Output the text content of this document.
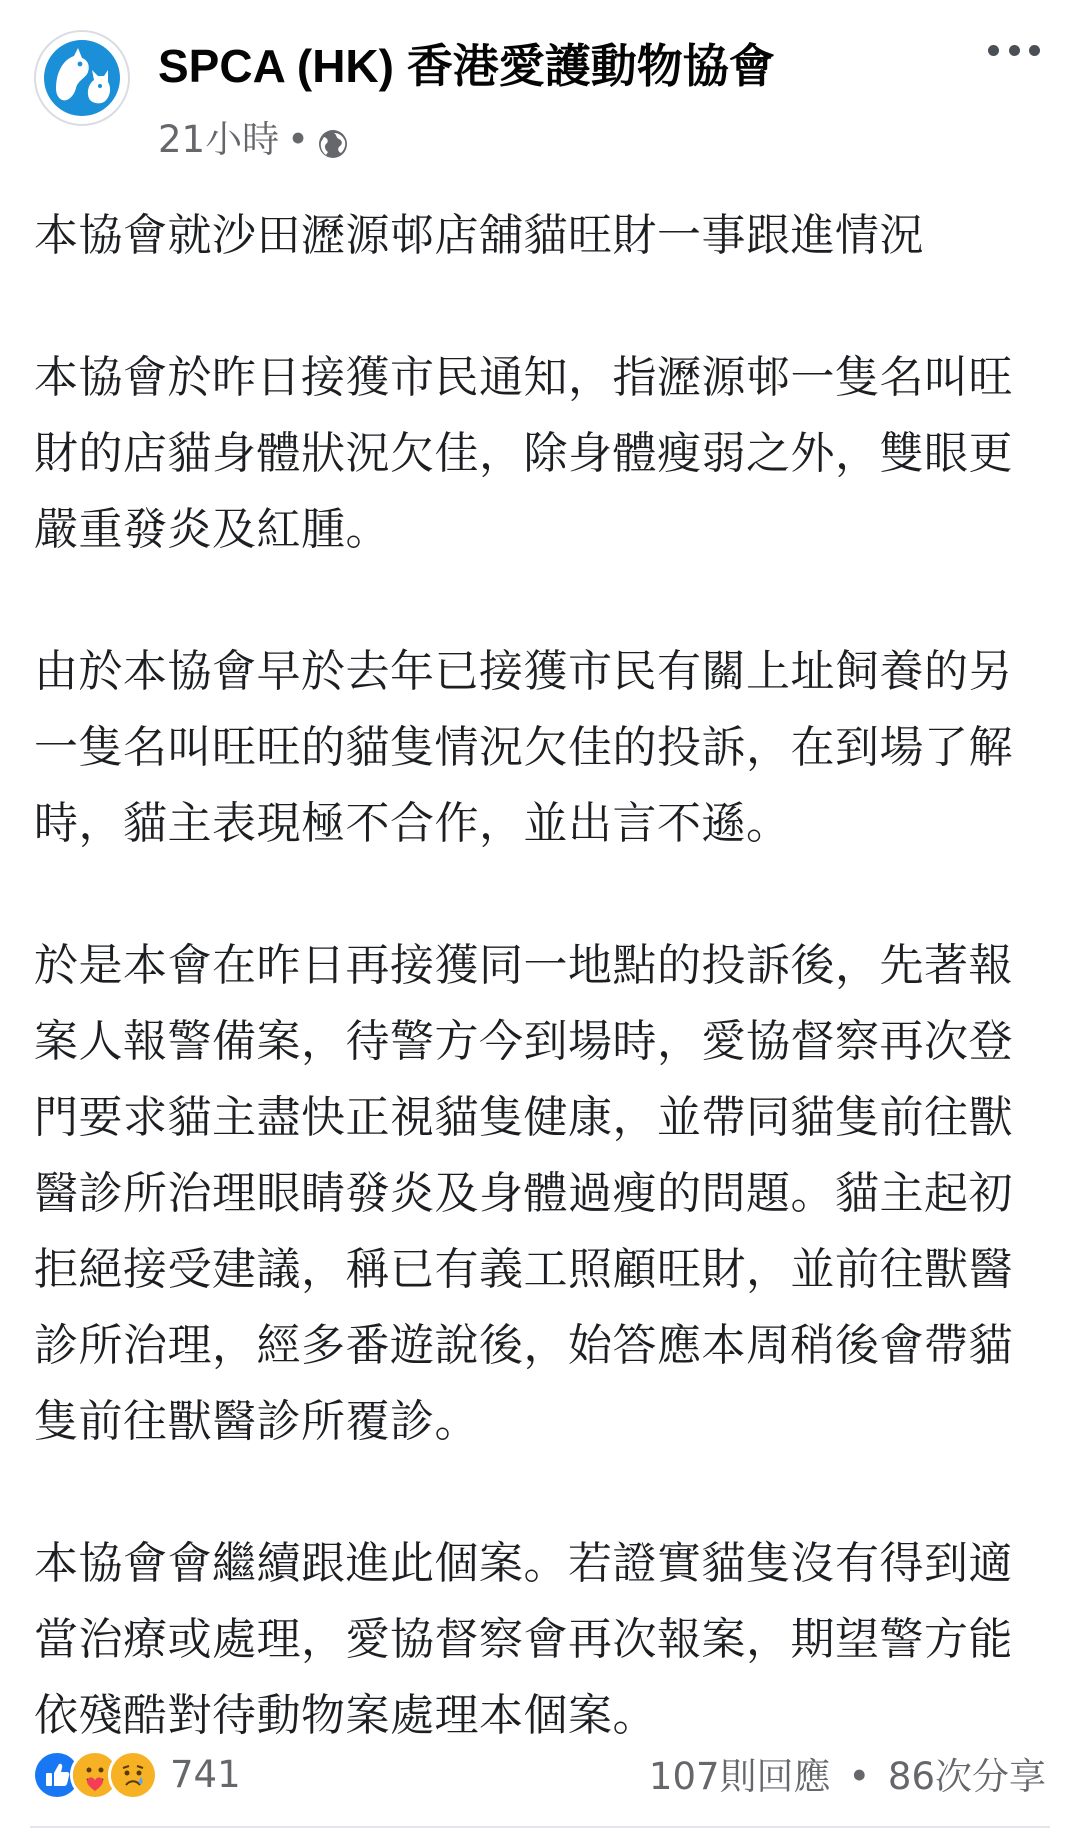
SPCA (HK) 香港愛護動物協會
21小時 •

本協會就沙田瀝源邨店舖貓旺財一事跟進情況

本協會於昨日接獲市民通知，指瀝源邨一隻名叫旺財的店貓身體狀況欠佳，除身體瘦弱之外，雙眼更嚴重發炎及紅腫。

由於本協會早於去年已接獲市民有關上址飼養的另一隻名叫旺旺的貓隻情況欠佳的投訴，在到場了解時，貓主表現極不合作，並出言不遜。

於是本會在昨日再接獲同一地點的投訴後，先著報案人報警備案，待警方今到場時，愛協督察再次登門要求貓主盡快正視貓隻健康，並帶同貓隻前往獸醫診所治理眼睛發炎及身體過瘦的問題。貓主起初拒絕接受建議，稱已有義工照顧旺財，並前往獸醫診所治理，經多番遊說後，始答應本周稍後會帶貓隻前往獸醫診所覆診。

本協會會繼續跟進此個案。若證實貓隻沒有得到適當治療或處理，愛協督察會再次報案，期望警方能依殘酷對待動物案處理本個案。

741	107則回應 • 86次分享
